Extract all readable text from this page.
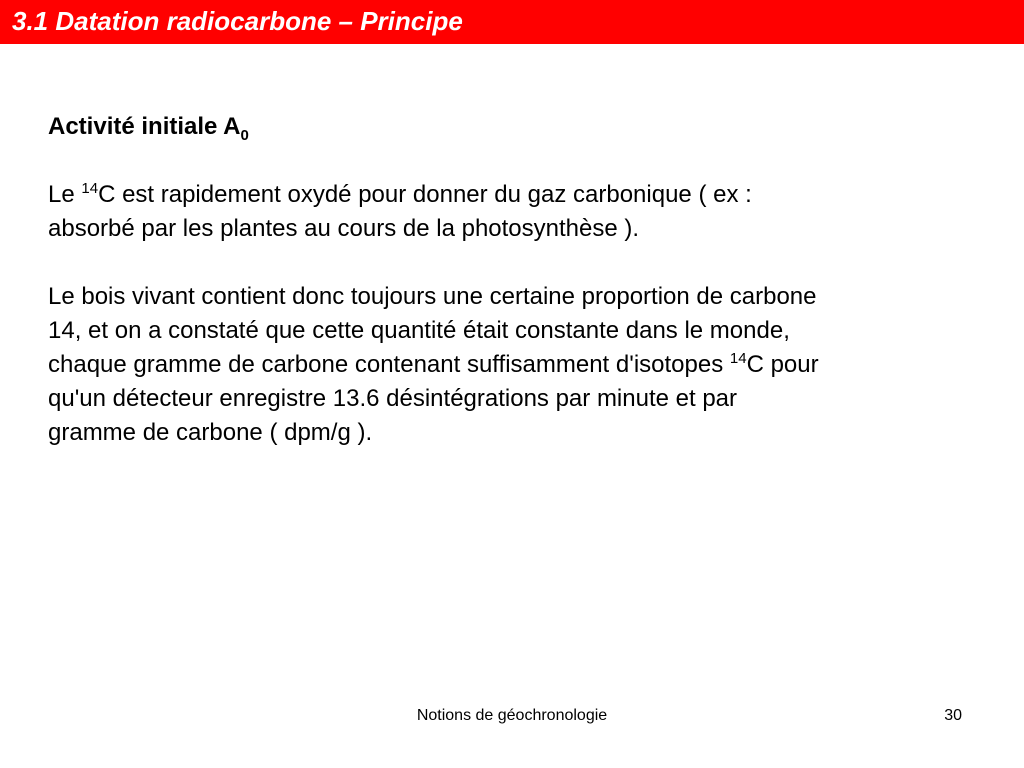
3.1 Datation radiocarbone – Principe

Activité initiale $A_0$

Le $^{14}$C est rapidement oxydé pour donner du gaz carbonique ( ex :
absorbé par les plantes au cours de la photosynthèse ).
Le bois vivant contient donc toujours une certaine proportion de carbone
14, et on a constaté que cette quantité était constante dans le monde,
chaque gramme de carbone contenant suffisamment d'isotopes $^{14}$C pour
qu'un détecteur enregistre 13.6 désintégrations par minute et par
gramme de carbone ( dpm/g ).
Notions de géochronologie	30
